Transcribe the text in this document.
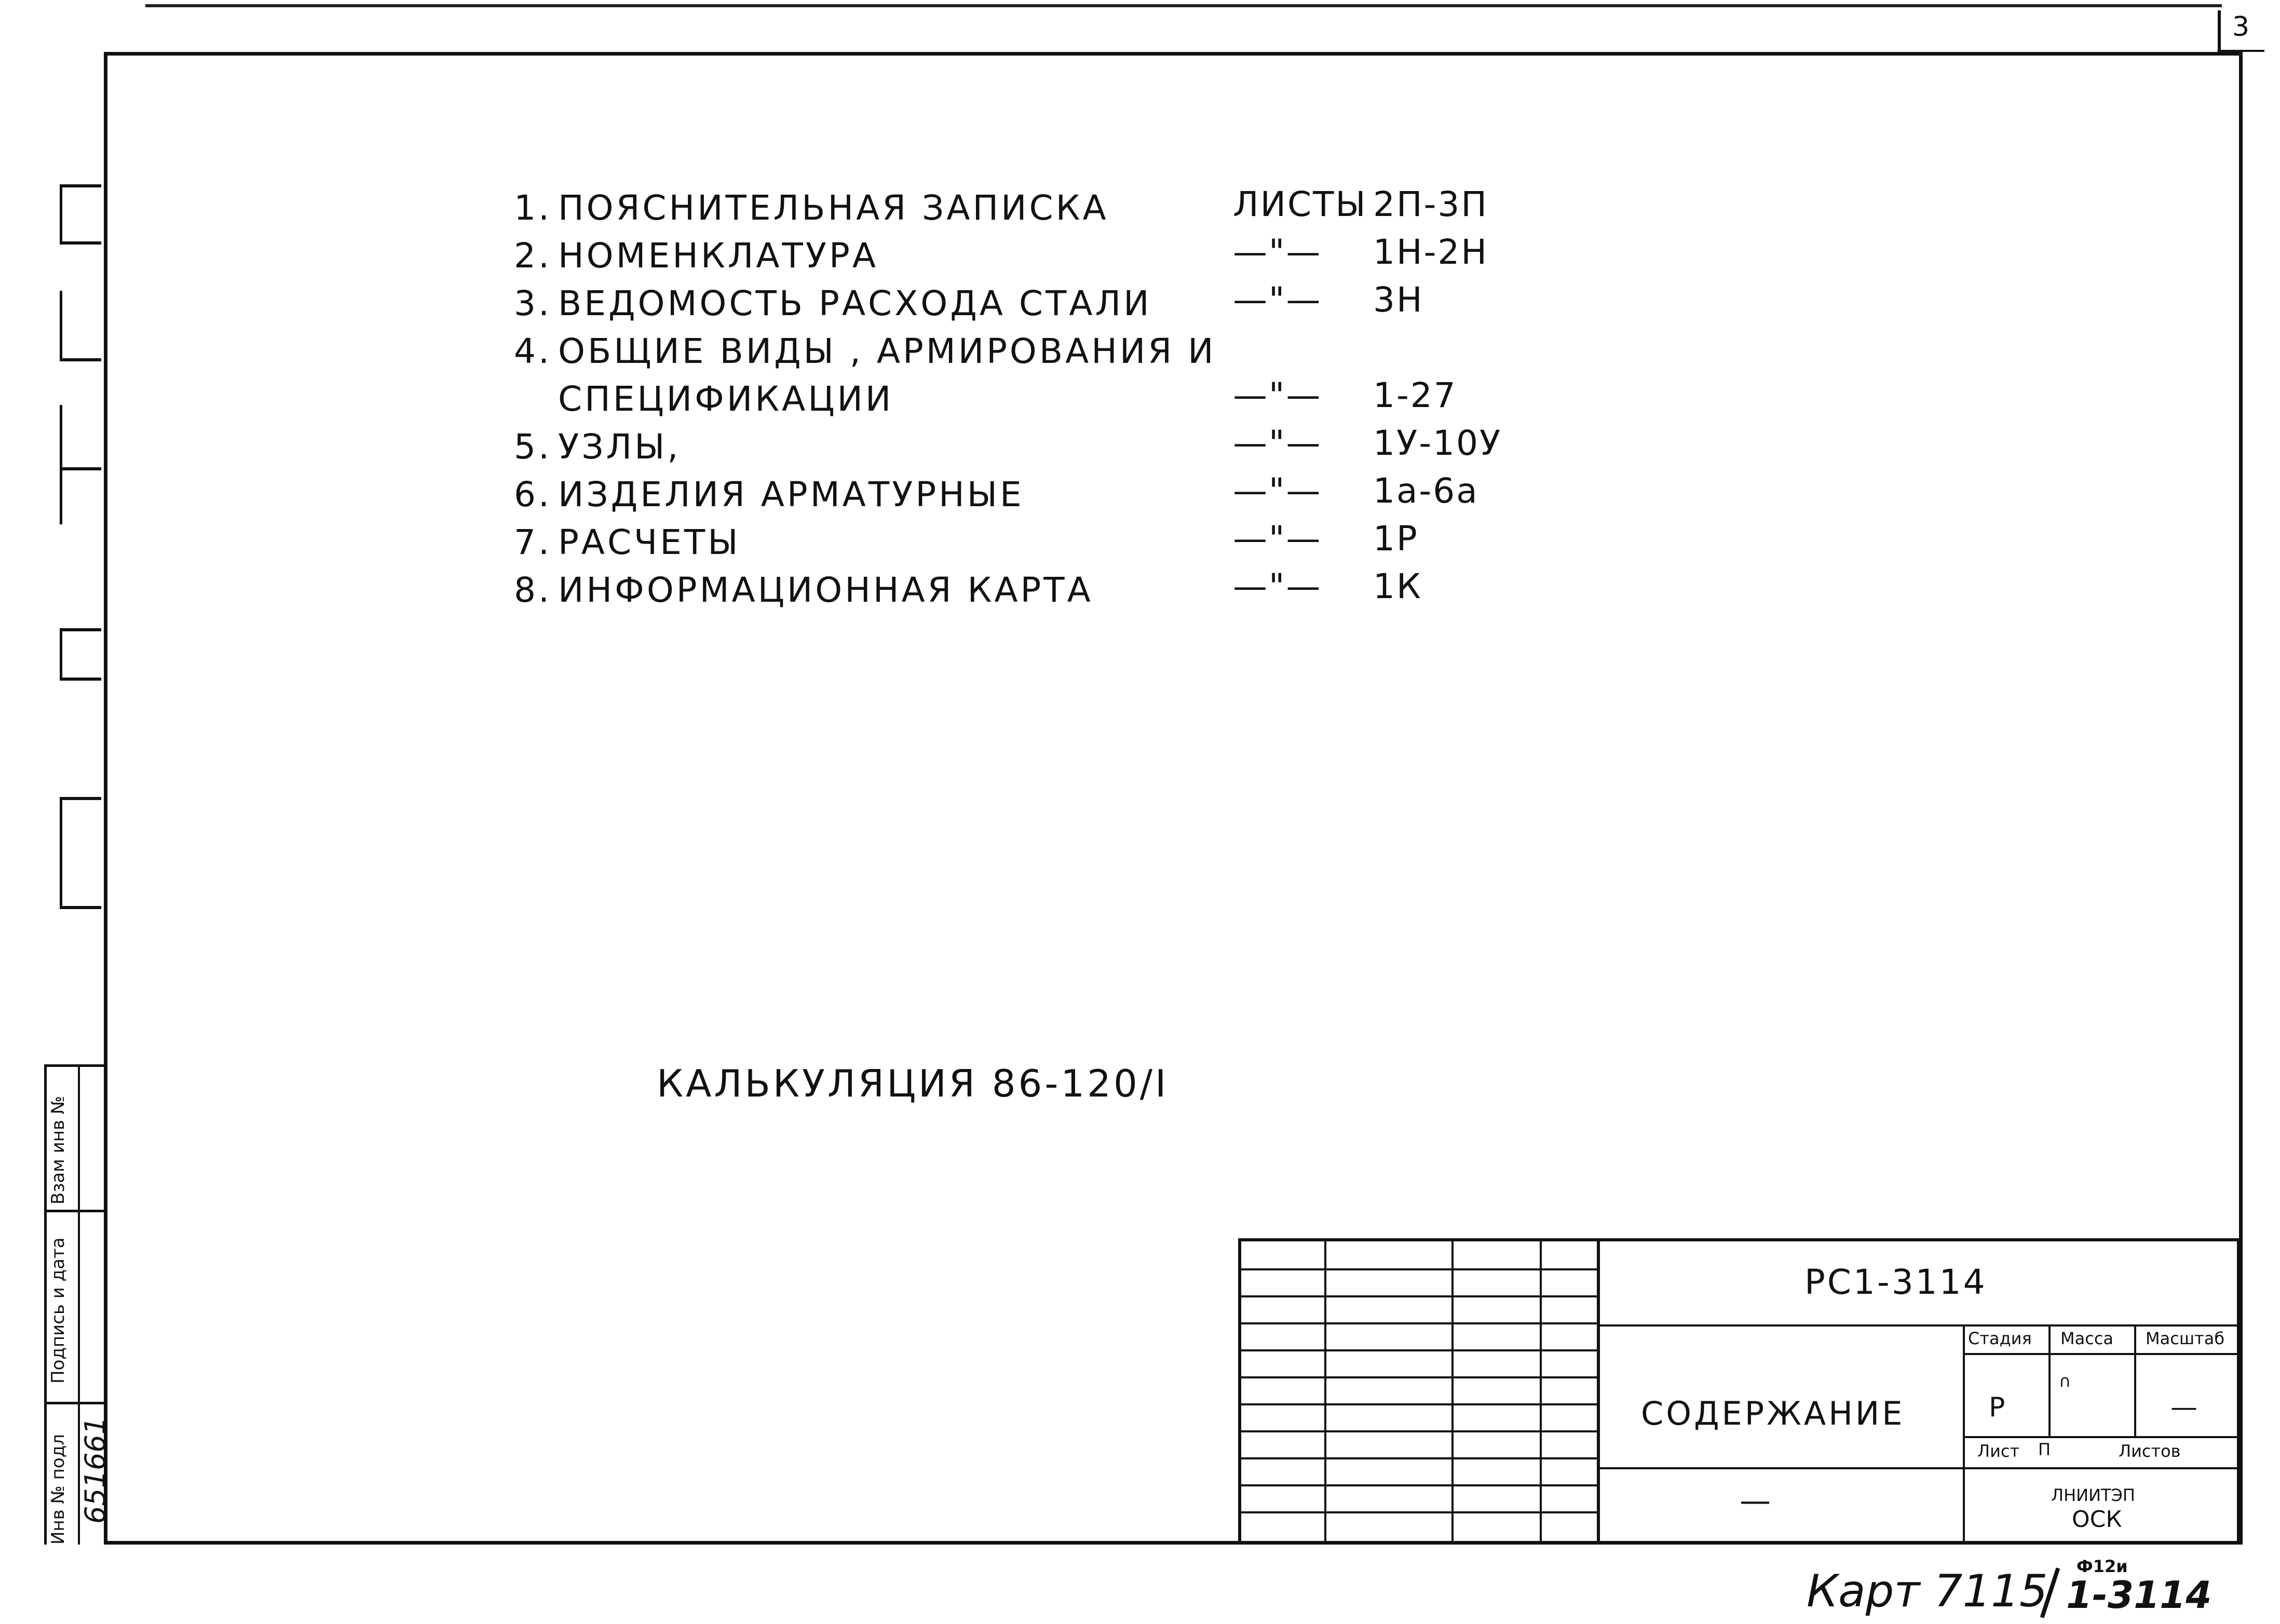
3
Взам инв №
Подпись и дата
Инв № подл 651661
1. ПОЯСНИТЕЛЬНАЯ ЗАПИСКА
2. НОМЕНКЛАТУРА
3. ВЕДОМОСТЬ РАСХОДА СТАЛИ
4. ОБЩИЕ ВИДЫ , АРМИРОВАНИЯ И
СПЕЦИФИКАЦИИ
5. УЗЛЫ,
6. ИЗДЕЛИЯ АРМАТУРНЫЕ
7. РАСЧЕТЫ
8. ИНФОРМАЦИОННАЯ КАРТА
ЛИСТЫ 2П-3П
—"— 1Н-2Н
—"— 3Н
—"— 1-27
—"— 1У-10У
—"— 1а-6а
—"— 1Р
—"— 1К
КАЛЬКУЛЯЦИЯ 86-120/I
РС1-3114
СОДЕРЖАНИЕ
—
Стадия Масса Масштаб
Р
∩
—
Лист П	Листов
ЛНИИТЭП
ОСК
Карт 7115 Ф12и
1-3114
